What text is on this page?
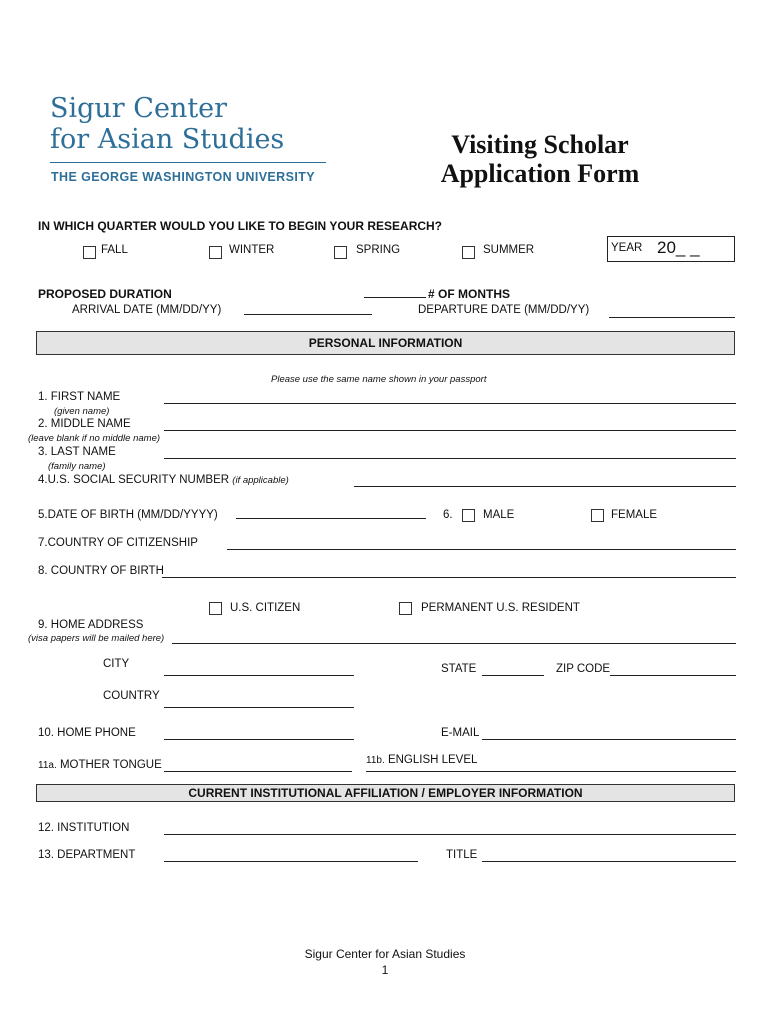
Sigur Center
for Asian Studies
THE GEORGE WASHINGTON UNIVERSITY
Visiting Scholar
Application Form
IN WHICH QUARTER WOULD YOU LIKE TO BEGIN YOUR RESEARCH?
FALL	WINTER	SPRING	SUMMER	YEAR 20_ _
PROPOSED DURATION	# OF MONTHS
ARRIVAL DATE (MM/DD/YY)	DEPARTURE DATE (MM/DD/YY)
PERSONAL INFORMATION
Please use the same name shown in your passport
1. FIRST NAME
(given name)
2. MIDDLE NAME
(leave blank if no middle name)
3. LAST NAME
(family name)
4.U.S. SOCIAL SECURITY NUMBER (if applicable)
5.DATE OF BIRTH (MM/DD/YYYY)	6.	MALE	FEMALE
7.COUNTRY OF CITIZENSHIP
8. COUNTRY OF BIRTH
U.S. CITIZEN	PERMANENT U.S. RESIDENT
9. HOME ADDRESS
(visa papers will be mailed here)
CITY	STATE	ZIP CODE
COUNTRY
10. HOME PHONE	E-MAIL
11a. MOTHER TONGUE	11b. ENGLISH LEVEL
CURRENT INSTITUTIONAL AFFILIATION / EMPLOYER INFORMATION
12. INSTITUTION
13. DEPARTMENT	TITLE
Sigur Center for Asian Studies
1
